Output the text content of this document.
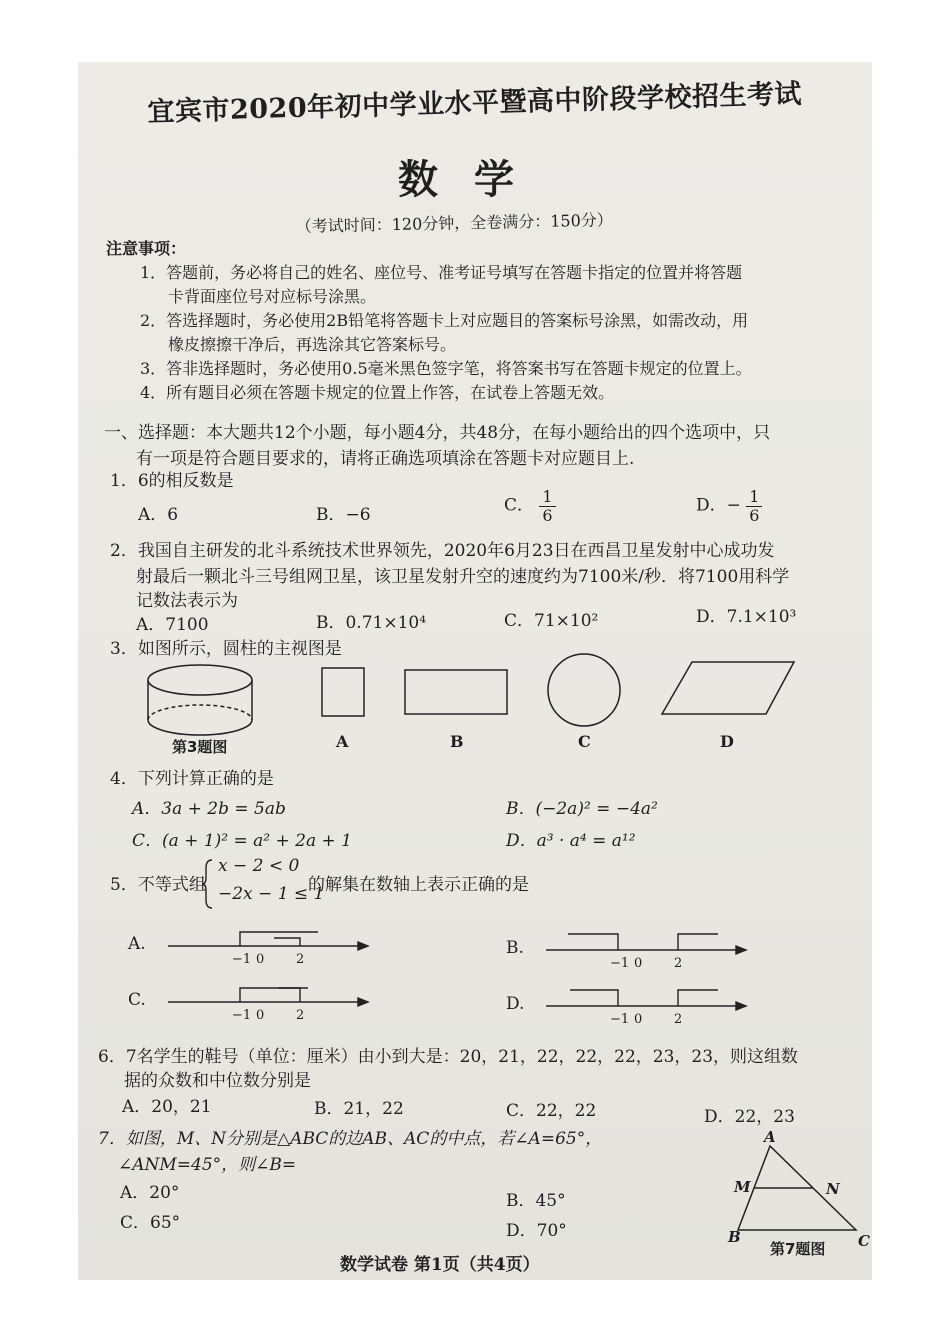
宜宾市2020年初中学业水平暨高中阶段学校招生考试
数学
（考试时间：120分钟，全卷满分：150分）
注意事项：
1．答题前，务必将自己的姓名、座位号、准考证号填写在答题卡指定的位置并将答题
卡背面座位号对应标号涂黑。
2．答选择题时，务必使用2B铅笔将答题卡上对应题目的答案标号涂黑，如需改动，用
橡皮擦擦干净后，再选涂其它答案标号。
3．答非选择题时，务必使用0.5毫米黑色签字笔，将答案书写在答题卡规定的位置上。
4．所有题目必须在答题卡规定的位置上作答，在试卷上答题无效。
一、选择题：本大题共12个小题，每小题4分，共48分，在每小题给出的四个选项中，只
有一项是符合题目要求的，请将正确选项填涂在答题卡对应题目上.
1．6的相反数是
A．6	B．−6	C． $\frac{1}{6}$	D．− $\frac{1}{6}$
2．我国自主研发的北斗系统技术世界领先，2020年6月23日在西昌卫星发射中心成功发
射最后一颗北斗三号组网卫星，该卫星发射升空的速度约为7100米/秒．将7100用科学
记数法表示为
A．7100	B．0.71×10⁴	C．71×10²	D．7.1×10³
3．如图所示，圆柱的主视图是
第3题图	A	B	C	D
4．下列计算正确的是
A．3a + 2b = 5ab	B．(−2a)² = −4a²
C．(a + 1)² = a² + 2a + 1	D．a³ · a⁴ = a¹²
5．不等式组
x − 2 < 0
−2x − 1 ≤ 1
的解集在数轴上表示正确的是
A.	B.
C.	D.
−1 0 2	−1 0 2
−1 0 2	−1 0 2
6．7名学生的鞋号（单位：厘米）由小到大是：20，21，22，22，22，23，23，则这组数
据的众数和中位数分别是
A．20，21	B．21，22	C．22，22	D．22，23
7．如图，M、N分别是△ABC的边AB、AC的中点，若∠A=65°，
∠ANM=45°，则∠B=
A．20°	B．45°
C．65°	D．70°
A
M	N
B	C
第7题图
数学试卷 第1页（共4页）
